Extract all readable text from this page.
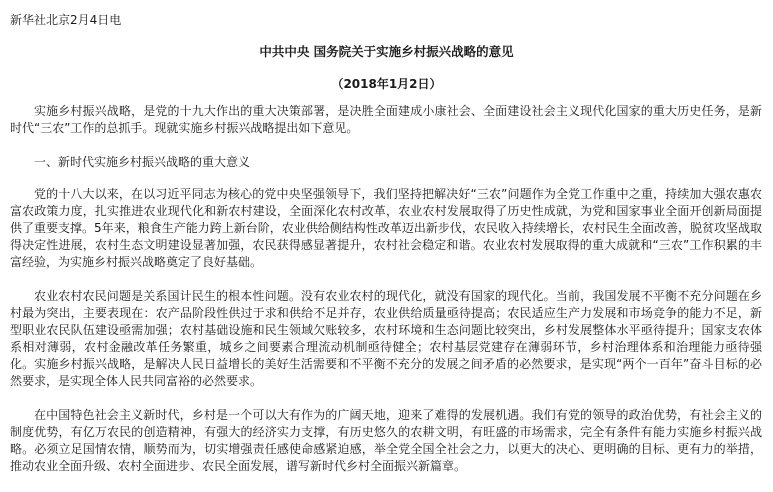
新华社北京2月4日电
中共中央 国务院关于实施乡村振兴战略的意见
（2018年1月2日）

实施乡村振兴战略，是党的十九大作出的重大决策部署，是决胜全面建成小康社会、全面建设社会主义现代化国家的重大历史任务，是新时代“三农”工作的总抓手。现就实施乡村振兴战略提出如下意见。

一、新时代实施乡村振兴战略的重大意义

党的十八大以来，在以习近平同志为核心的党中央坚强领导下，我们坚持把解决好“三农”问题作为全党工作重中之重，持续加大强农惠农富农政策力度，扎实推进农业现代化和新农村建设，全面深化农村改革，农业农村发展取得了历史性成就，为党和国家事业全面开创新局面提供了重要支撑。5年来，粮食生产能力跨上新台阶，农业供给侧结构性改革迈出新步伐，农民收入持续增长，农村民生全面改善，脱贫攻坚战取得决定性进展，农村生态文明建设显著加强，农民获得感显著提升，农村社会稳定和谐。农业农村发展取得的重大成就和“三农”工作积累的丰富经验，为实施乡村振兴战略奠定了良好基础。

农业农村农民问题是关系国计民生的根本性问题。没有农业农村的现代化，就没有国家的现代化。当前，我国发展不平衡不充分问题在乡村最为突出，主要表现在：农产品阶段性供过于求和供给不足并存，农业供给质量亟待提高；农民适应生产力发展和市场竞争的能力不足，新型职业农民队伍建设亟需加强；农村基础设施和民生领域欠账较多，农村环境和生态问题比较突出，乡村发展整体水平亟待提升；国家支农体系相对薄弱，农村金融改革任务繁重，城乡之间要素合理流动机制亟待健全；农村基层党建存在薄弱环节，乡村治理体系和治理能力亟待强化。实施乡村振兴战略，是解决人民日益增长的美好生活需要和不平衡不充分的发展之间矛盾的必然要求，是实现“两个一百年”奋斗目标的必然要求，是实现全体人民共同富裕的必然要求。

在中国特色社会主义新时代，乡村是一个可以大有作为的广阔天地，迎来了难得的发展机遇。我们有党的领导的政治优势，有社会主义的制度优势，有亿万农民的创造精神，有强大的经济实力支撑，有历史悠久的农耕文明，有旺盛的市场需求，完全有条件有能力实施乡村振兴战略。必须立足国情农情，顺势而为，切实增强责任感使命感紧迫感，举全党全国全社会之力，以更大的决心、更明确的目标、更有力的举措，推动农业全面升级、农村全面进步、农民全面发展，谱写新时代乡村全面振兴新篇章。
